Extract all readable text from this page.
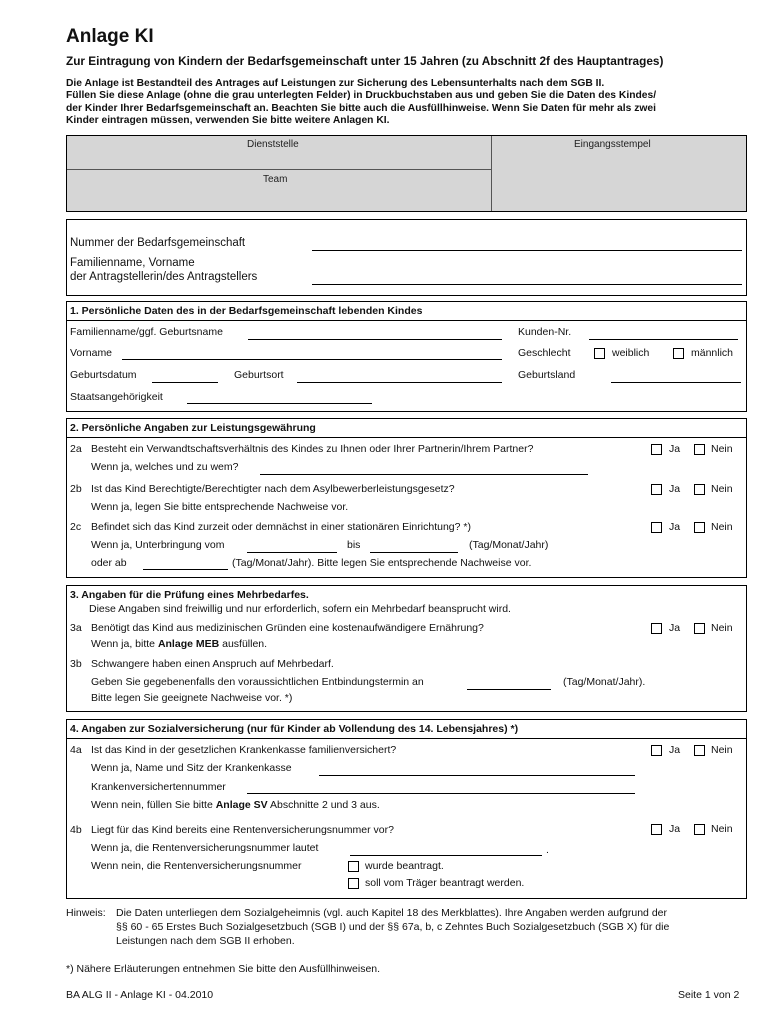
Anlage KI
Zur Eintragung von Kindern der Bedarfsgemeinschaft unter 15 Jahren (zu Abschnitt 2f des Hauptantrages)
Die Anlage ist Bestandteil des Antrages auf Leistungen zur Sicherung des Lebensunterhalts nach dem SGB II.
Füllen Sie diese Anlage (ohne die grau unterlegten Felder) in Druckbuchstaben aus und geben Sie die Daten des Kindes/
der Kinder Ihrer Bedarfsgemeinschaft an. Beachten Sie bitte auch die Ausfüllhinweise. Wenn Sie Daten für mehr als zwei
Kinder eintragen müssen, verwenden Sie bitte weitere Anlagen KI.
Dienststelle
Team
Eingangsstempel
Nummer der Bedarfsgemeinschaft
Familienname, Vorname
der Antragstellerin/des Antragstellers
1. Persönliche Daten des in der Bedarfsgemeinschaft lebenden Kindes
Familienname/ggf. Geburtsname	Kunden-Nr.
Vorname	Geschlecht	weiblich	männlich
Geburtsdatum	Geburtsort	Geburtsland
Staatsangehörigkeit
2. Persönliche Angaben zur Leistungsgewährung
2a Besteht ein Verwandtschaftsverhältnis des Kindes zu Ihnen oder Ihrer Partnerin/Ihrem Partner?	Ja	Nein
Wenn ja, welches und zu wem?
2b Ist das Kind Berechtigte/Berechtigter nach dem Asylbewerberleistungsgesetz?	Ja	Nein
Wenn ja, legen Sie bitte entsprechende Nachweise vor.
2c Befindet sich das Kind zurzeit oder demnächst in einer stationären Einrichtung? *)	Ja	Nein
Wenn ja, Unterbringung vom	bis	(Tag/Monat/Jahr)
oder ab	(Tag/Monat/Jahr). Bitte legen Sie entsprechende Nachweise vor.
3. Angaben für die Prüfung eines Mehrbedarfes.
Diese Angaben sind freiwillig und nur erforderlich, sofern ein Mehrbedarf beansprucht wird.
3a Benötigt das Kind aus medizinischen Gründen eine kostenaufwändigere Ernährung?	Ja	Nein
Wenn ja, bitte Anlage MEB ausfüllen.
3b Schwangere haben einen Anspruch auf Mehrbedarf.
Geben Sie gegebenenfalls den voraussichtlichen Entbindungstermin an	(Tag/Monat/Jahr).
Bitte legen Sie geeignete Nachweise vor. *)
4. Angaben zur Sozialversicherung (nur für Kinder ab Vollendung des 14. Lebensjahres) *)
4a Ist das Kind in der gesetzlichen Krankenkasse familienversichert?	Ja	Nein
Wenn ja, Name und Sitz der Krankenkasse
Krankenversichertennummer
Wenn nein, füllen Sie bitte Anlage SV Abschnitte 2 und 3 aus.
4b Liegt für das Kind bereits eine Rentenversicherungsnummer vor?	Ja	Nein
Wenn ja, die Rentenversicherungsnummer lautet	.
Wenn nein, die Rentenversicherungsnummer	wurde beantragt.
soll vom Träger beantragt werden.
Hinweis: Die Daten unterliegen dem Sozialgeheimnis (vgl. auch Kapitel 18 des Merkblattes). Ihre Angaben werden aufgrund der
§§ 60 - 65 Erstes Buch Sozialgesetzbuch (SGB I) und der §§ 67a, b, c Zehntes Buch Sozialgesetzbuch (SGB X) für die
Leistungen nach dem SGB II erhoben.
*) Nähere Erläuterungen entnehmen Sie bitte den Ausfüllhinweisen.
BA ALG II - Anlage KI - 04.2010	Seite 1 von 2
